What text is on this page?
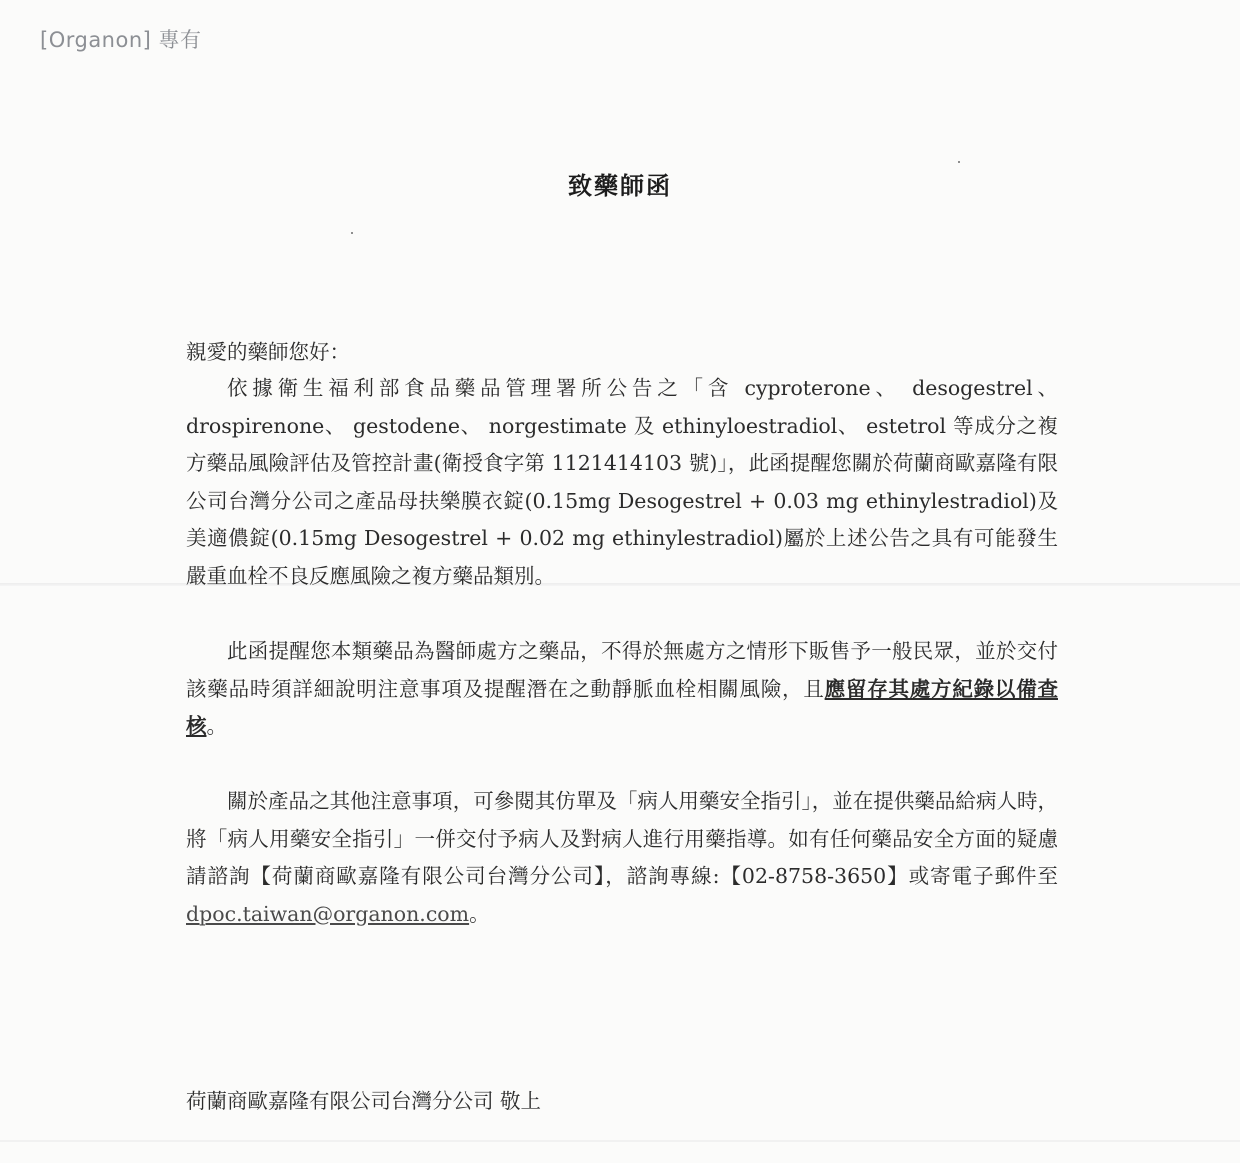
[Organon] 專有
致藥師函
親愛的藥師您好：

依據衛生福利部食品藥品管理署所公告之「含 cyproterone、 desogestrel、drospirenone、 gestodene、 norgestimate 及 ethinyloestradiol、 estetrol 等成分之複方藥品風險評估及管控計畫(衛授食字第 1121414103 號)」，此函提醒您關於荷蘭商歐嘉隆有限公司台灣分公司之產品母扶樂膜衣錠(0.15mg Desogestrel + 0.03 mg ethinylestradiol)及美適儂錠(0.15mg Desogestrel + 0.02 mg ethinylestradiol)屬於上述公告之具有可能發生嚴重血栓不良反應風險之複方藥品類別。

此函提醒您本類藥品為醫師處方之藥品，不得於無處方之情形下販售予一般民眾，並於交付該藥品時須詳細說明注意事項及提醒潛在之動靜脈血栓相關風險，且應留存其處方紀錄以備查核。

關於產品之其他注意事項，可參閱其仿單及「病人用藥安全指引」，並在提供藥品給病人時，將「病人用藥安全指引」一併交付予病人及對病人進行用藥指導。如有任何藥品安全方面的疑慮請諮詢【荷蘭商歐嘉隆有限公司台灣分公司】，諮詢專線:【02-8758-3650】或寄電子郵件至 dpoc.taiwan@organon.com。

荷蘭商歐嘉隆有限公司台灣分公司 敬上
